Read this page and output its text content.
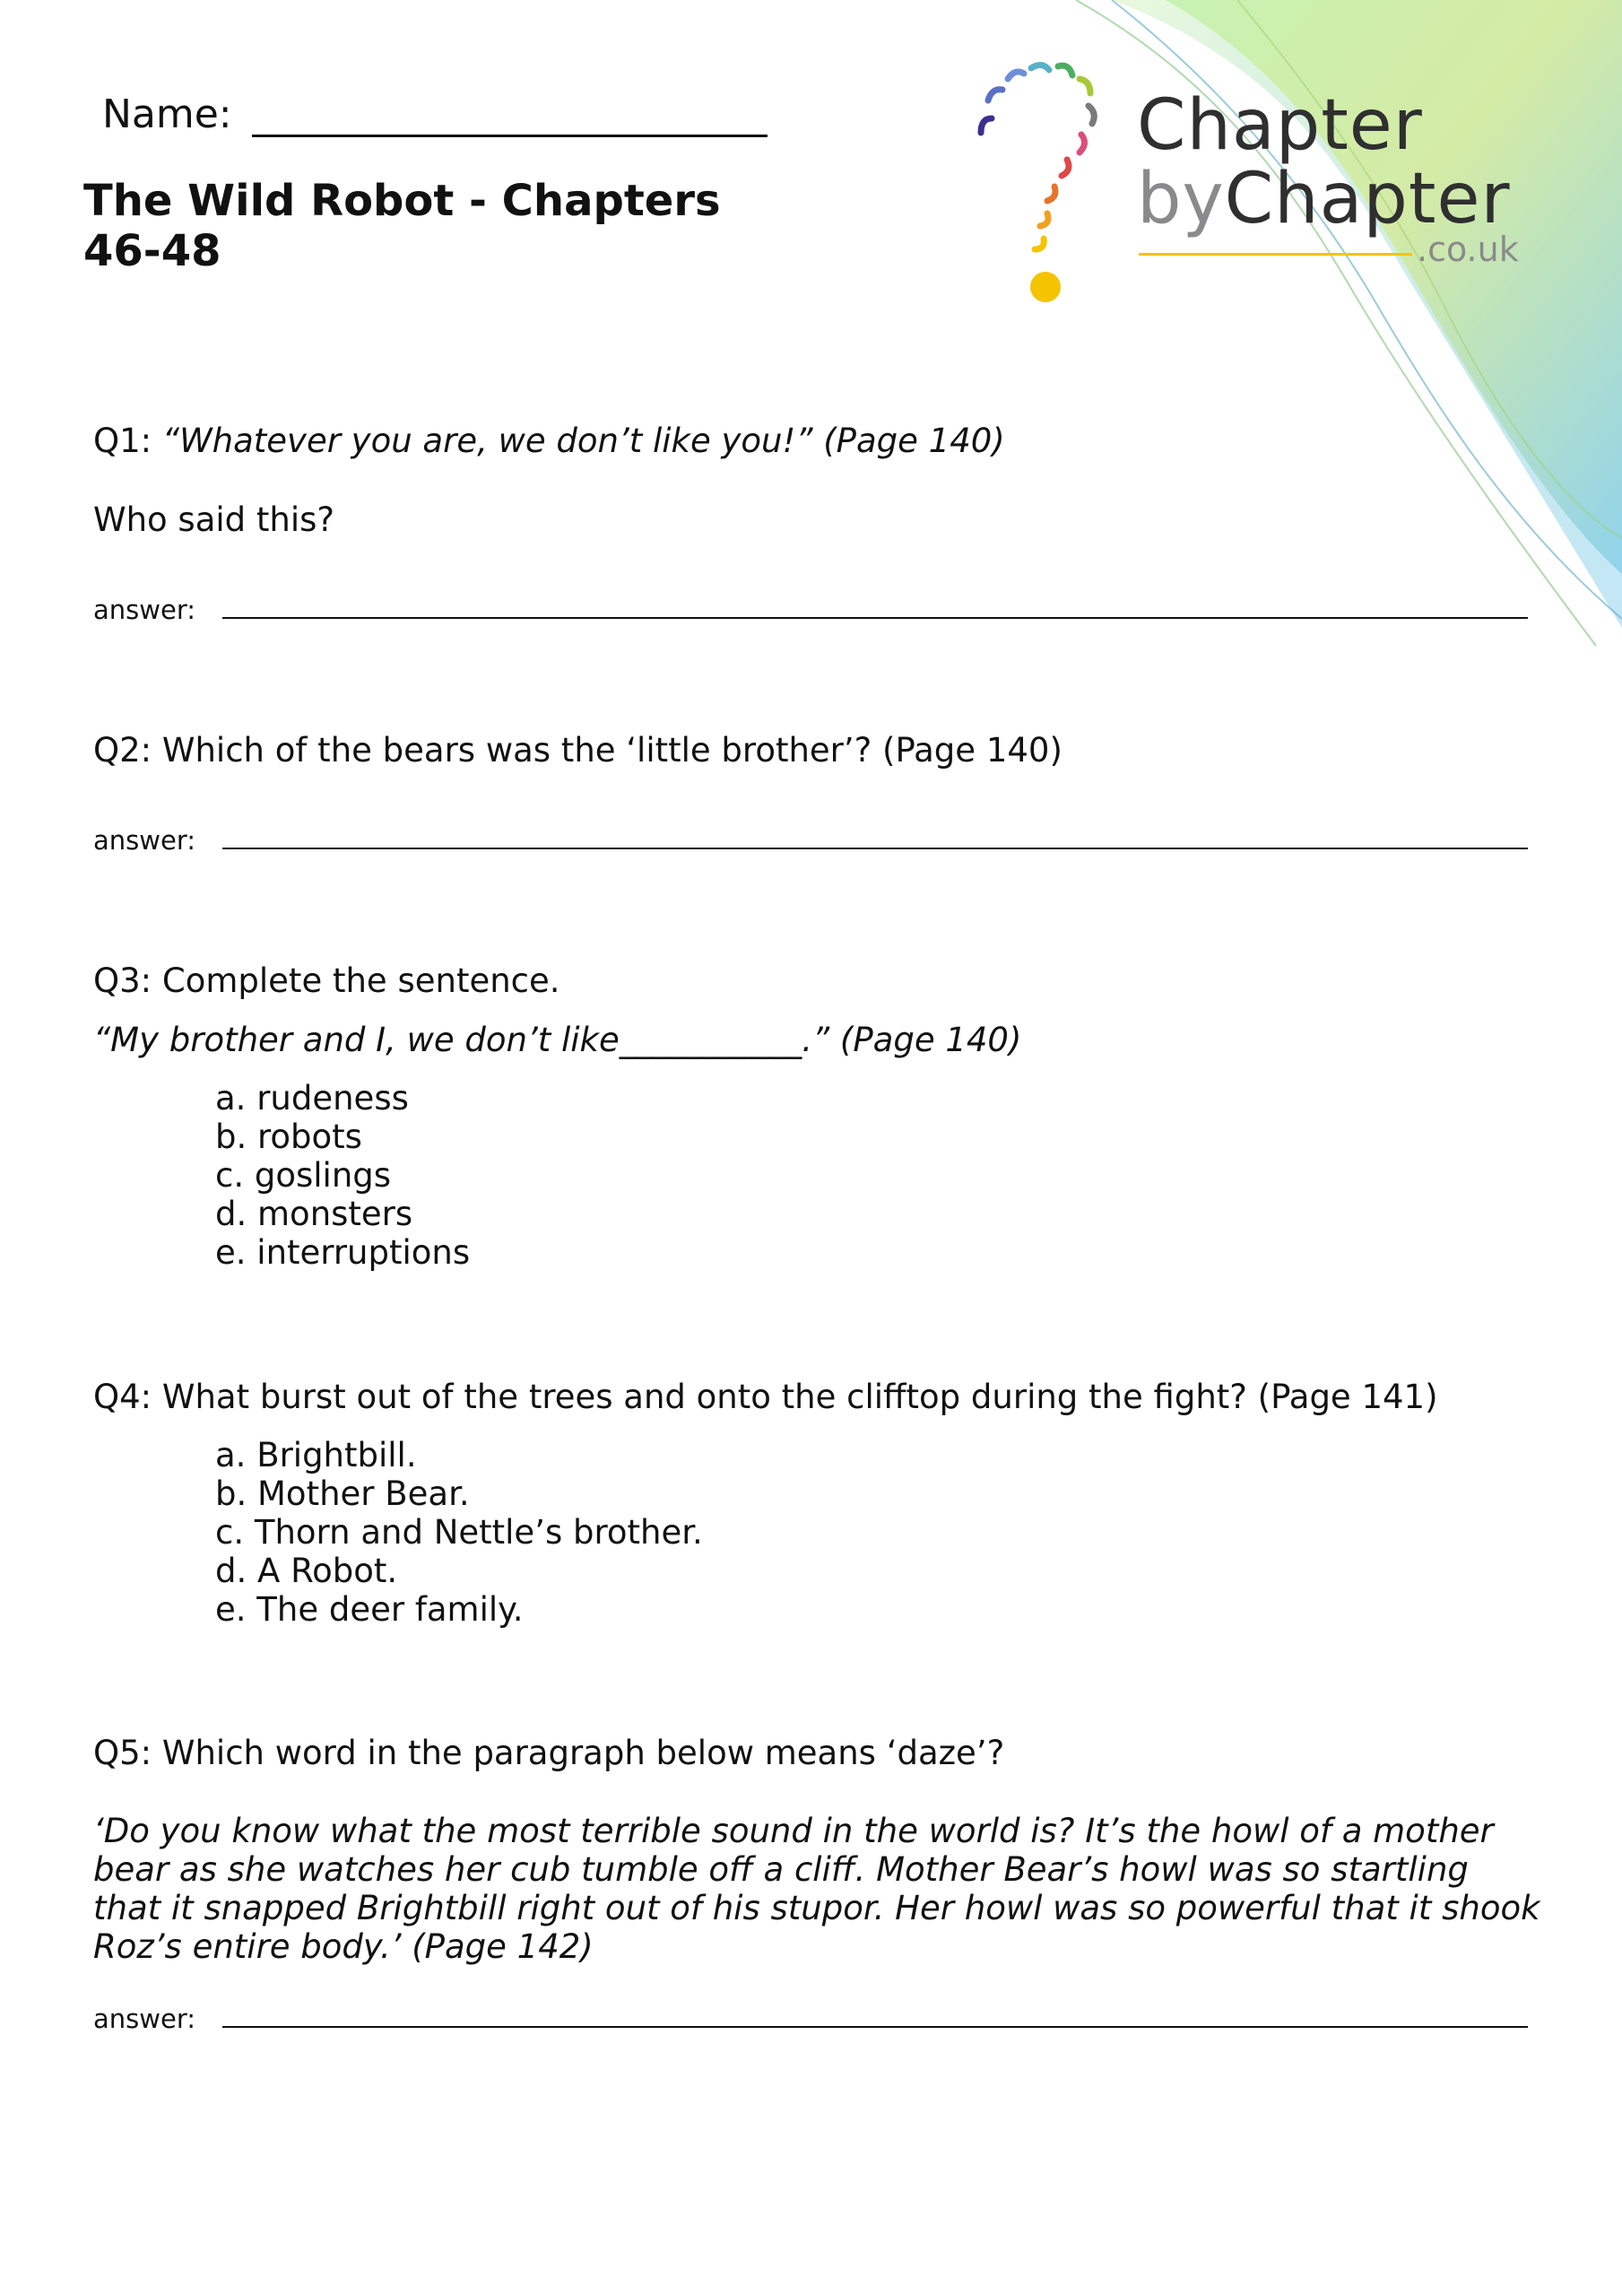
Chapter
byChapter
.co.uk
Name:
The Wild Robot - Chapters 46-48
Q1: “Whatever you are, we don’t like you!” (Page 140)
Who said this?
answer:
Q2: Which of the bears was the ‘little brother’? (Page 140)
answer:
Q3: Complete the sentence.
“My brother and I, we don’t like___________.” (Page 140)
a. rudeness
b. robots
c. goslings
d. monsters
e. interruptions
Q4: What burst out of the trees and onto the clifftop during the fight? (Page 141)
a. Brightbill.
b. Mother Bear.
c. Thorn and Nettle’s brother.
d. A Robot.
e. The deer family.
Q5: Which word in the paragraph below means ‘daze’?
‘Do you know what the most terrible sound in the world is? It’s the howl of a mother bear as she watches her cub tumble off a cliff. Mother Bear’s howl was so startling that it snapped Brightbill right out of his stupor. Her howl was so powerful that it shook Roz’s entire body.’ (Page 142)
answer:
